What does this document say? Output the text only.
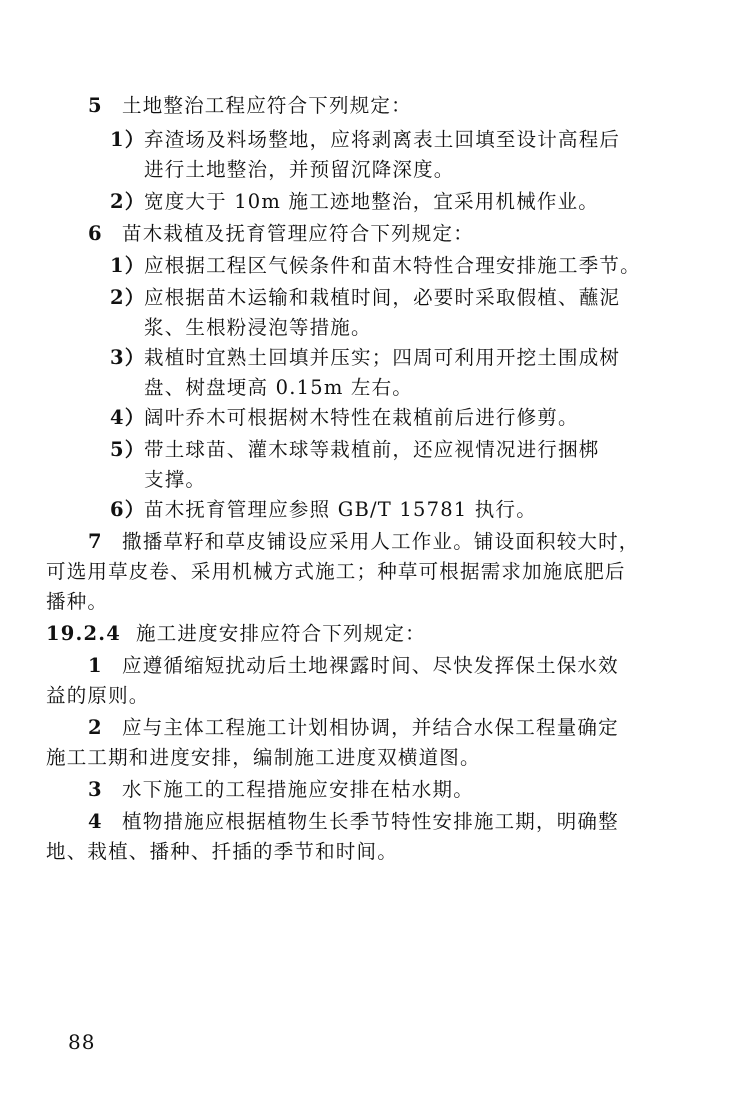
5 土地整治工程应符合下列规定：
1）弃渣场及料场整地，应将剥离表土回填至设计高程后
进行土地整治，并预留沉降深度。
2）宽度大于 10m 施工迹地整治，宜采用机械作业。
6 苗木栽植及抚育管理应符合下列规定：
1）应根据工程区气候条件和苗木特性合理安排施工季节。
2）应根据苗木运输和栽植时间，必要时采取假植、蘸泥
浆、生根粉浸泡等措施。
3）栽植时宜熟土回填并压实；四周可利用开挖土围成树
盘、树盘埂高 0.15m 左右。
4）阔叶乔木可根据树木特性在栽植前后进行修剪。
5）带土球苗、灌木球等栽植前，还应视情况进行捆梆
支撑。
6）苗木抚育管理应参照 GB/T 15781 执行。
7 撒播草籽和草皮铺设应采用人工作业。铺设面积较大时，
可选用草皮卷、采用机械方式施工；种草可根据需求加施底肥后
播种。
19.2.4 施工进度安排应符合下列规定：
1 应遵循缩短扰动后土地裸露时间、尽快发挥保土保水效
益的原则。
2 应与主体工程施工计划相协调，并结合水保工程量确定
施工工期和进度安排，编制施工进度双横道图。
3 水下施工的工程措施应安排在枯水期。
4 植物措施应根据植物生长季节特性安排施工期，明确整
地、栽植、播种、扦插的季节和时间。
88
